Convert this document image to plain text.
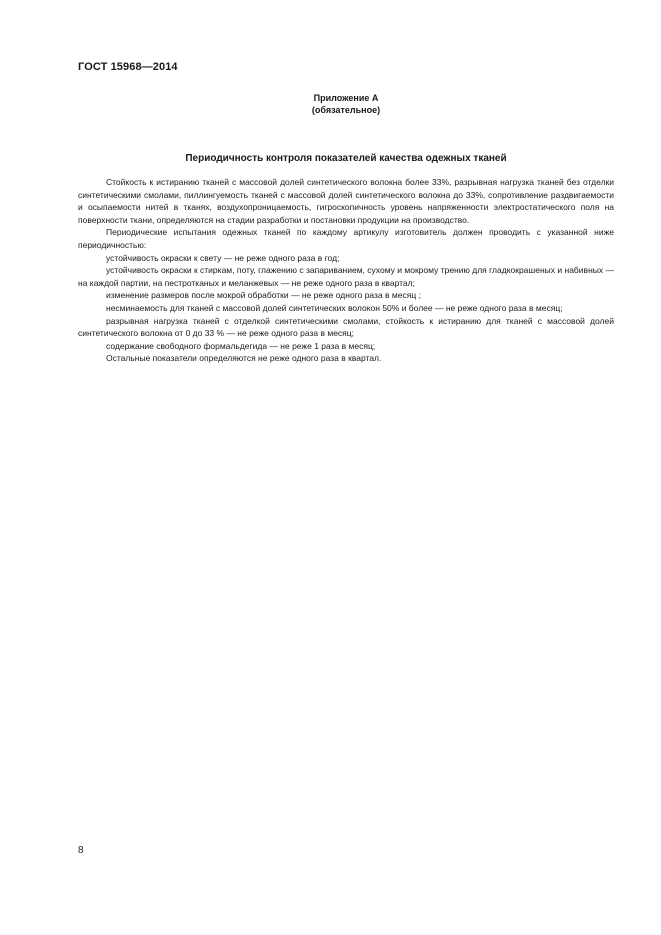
ГОСТ 15968—2014
Приложение А
(обязательное)
Периодичность контроля показателей качества одежных тканей

Стойкость к истиранию тканей с массовой долей синтетического волокна более 33%, разрывная нагрузка тканей без отделки синтетическими смолами, пиллингуемость тканей с массовой долей синтетического волокна до 33%, сопротивление раздвигаемости и осыпаемости нитей в тканях, воздухопроницаемость, гигроскопичность уровень напряженности электростатического поля на поверхности ткани, определяются на стадии разработки и постановки продукции на производство.

Периодические испытания одежных тканей по каждому артикулу изготовитель должен проводить с указанной ниже периодичностью:

устойчивость окраски к свету — не реже одного раза в год;

устойчивость окраски к стиркам, поту, глажению с запариванием, сухому и мокрому трению для гладкокрашеных и набивных — на каждой партии, на пестротканых и меланжевых — не реже одного раза в квартал;

изменение размеров после мокрой обработки — не реже одного раза в месяц ;

несминаемость для тканей с массовой долей синтетических волокон 50% и более — не реже одного раза в месяц;

разрывная нагрузка тканей с отделкой синтетическими смолами, стойкость к истиранию для тканей с массовой долей синтетического волокна от 0 до 33 % — не реже одного раза в месяц;

содержание свободного формальдегида — не реже 1 раза в месяц;

Остальные показатели определяются не реже одного раза в квартал.

8
